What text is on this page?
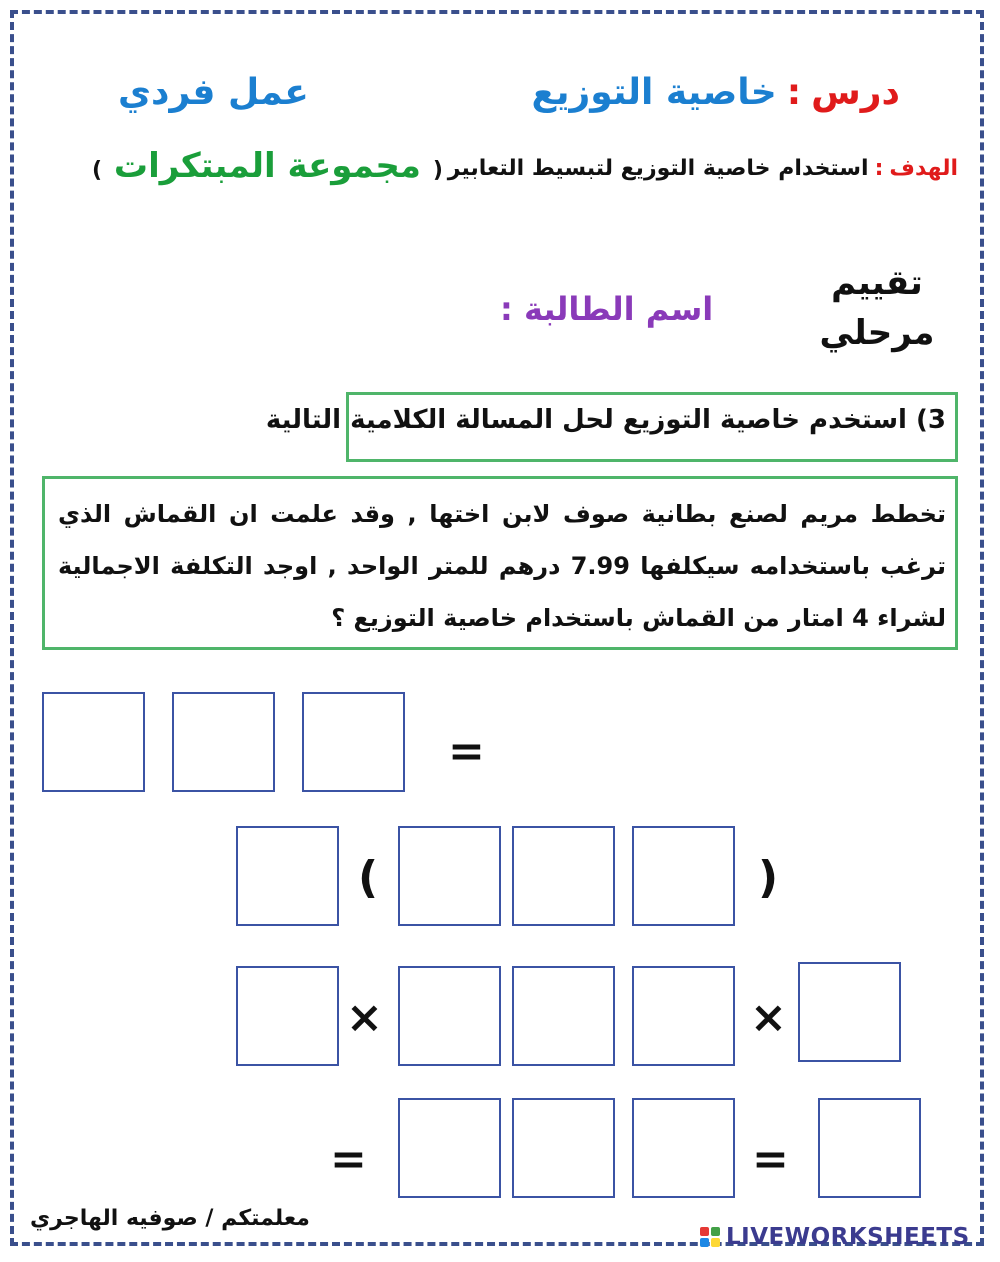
درس:خاصية التوزيع
عمل فردي
الهدف:استخدام خاصية التوزيع لتبسيط التعابير
( مجموعة المبتكرات )
تقييم
مرحلي
اسم الطالبة :
3) استخدم خاصية التوزيع لحل المسالة الكلامية التالية
تخطط مريم لصنع بطانية صوف لابن اختها , وقد علمت ان القماش الذي ترغب باستخدامه سيكلفها 7.99 درهم للمتر الواحد , اوجد التكلفة الاجمالية لشراء 4 امتار من القماش باستخدام خاصية التوزيع ؟
=
(	)
×	×
=	=
معلمتكم / صوفيه الهاجري
LIVEWORKSHEETS
